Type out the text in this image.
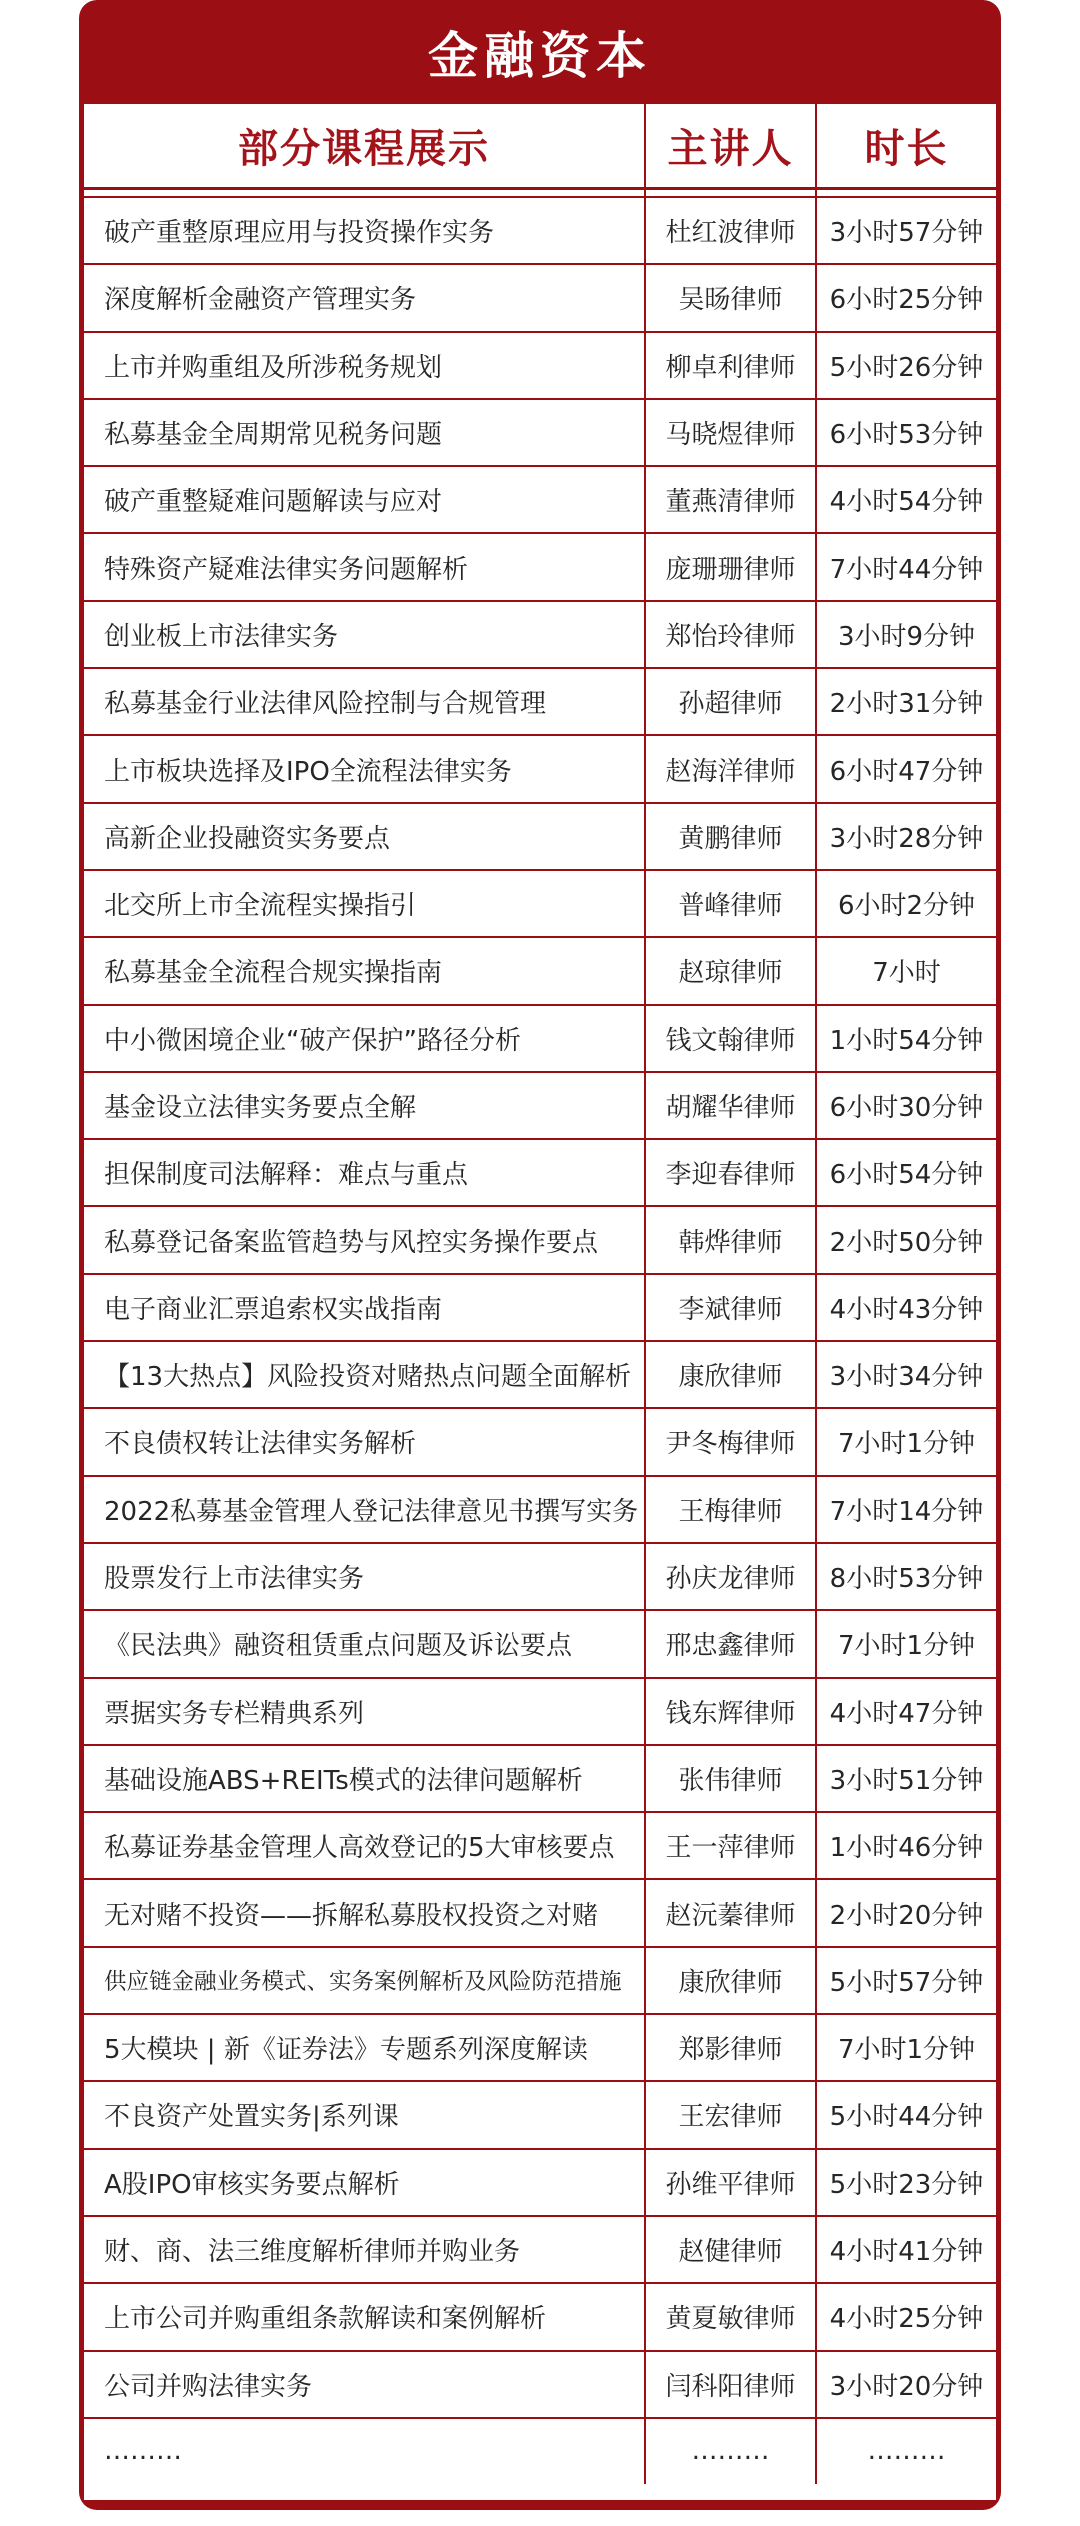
金融资本
部分课程展示	主讲人	时长
破产重整原理应用与投资操作实务	杜红波律师	3小时57分钟
深度解析金融资产管理实务	吴旸律师	6小时25分钟
上市并购重组及所涉税务规划	柳卓利律师	5小时26分钟
私募基金全周期常见税务问题	马晓煜律师	6小时53分钟
破产重整疑难问题解读与应对	董燕清律师	4小时54分钟
特殊资产疑难法律实务问题解析	庞珊珊律师	7小时44分钟
创业板上市法律实务	郑怡玲律师	3小时9分钟
私募基金行业法律风险控制与合规管理	孙超律师	2小时31分钟
上市板块选择及IPO全流程法律实务	赵海洋律师	6小时47分钟
高新企业投融资实务要点	黄鹏律师	3小时28分钟
北交所上市全流程实操指引	普峰律师	6小时2分钟
私募基金全流程合规实操指南	赵琼律师	7小时
中小微困境企业“破产保护”路径分析	钱文翰律师	1小时54分钟
基金设立法律实务要点全解	胡耀华律师	6小时30分钟
担保制度司法解释：难点与重点	李迎春律师	6小时54分钟
私募登记备案监管趋势与风控实务操作要点	韩烨律师	2小时50分钟
电子商业汇票追索权实战指南	李斌律师	4小时43分钟
【13大热点】风险投资对赌热点问题全面解析	康欣律师	3小时34分钟
不良债权转让法律实务解析	尹冬梅律师	7小时1分钟
2022私募基金管理人登记法律意见书撰写实务	王梅律师	7小时14分钟
股票发行上市法律实务	孙庆龙律师	8小时53分钟
《民法典》融资租赁重点问题及诉讼要点	邢忠鑫律师	7小时1分钟
票据实务专栏精典系列	钱东辉律师	4小时47分钟
基础设施ABS+REITs模式的法律问题解析	张伟律师	3小时51分钟
私募证券基金管理人高效登记的5大审核要点	王一萍律师	1小时46分钟
无对赌不投资——拆解私募股权投资之对赌	赵沅蓁律师	2小时20分钟
供应链金融业务模式、实务案例解析及风险防范措施	康欣律师	5小时57分钟
5大模块 | 新《证券法》专题系列深度解读	郑影律师	7小时1分钟
不良资产处置实务|系列课	王宏律师	5小时44分钟
A股IPO审核实务要点解析	孙维平律师	5小时23分钟
财、商、法三维度解析律师并购业务	赵健律师	4小时41分钟
上市公司并购重组条款解读和案例解析	黄夏敏律师	4小时25分钟
公司并购法律实务	闫科阳律师	3小时20分钟
………	………	………
